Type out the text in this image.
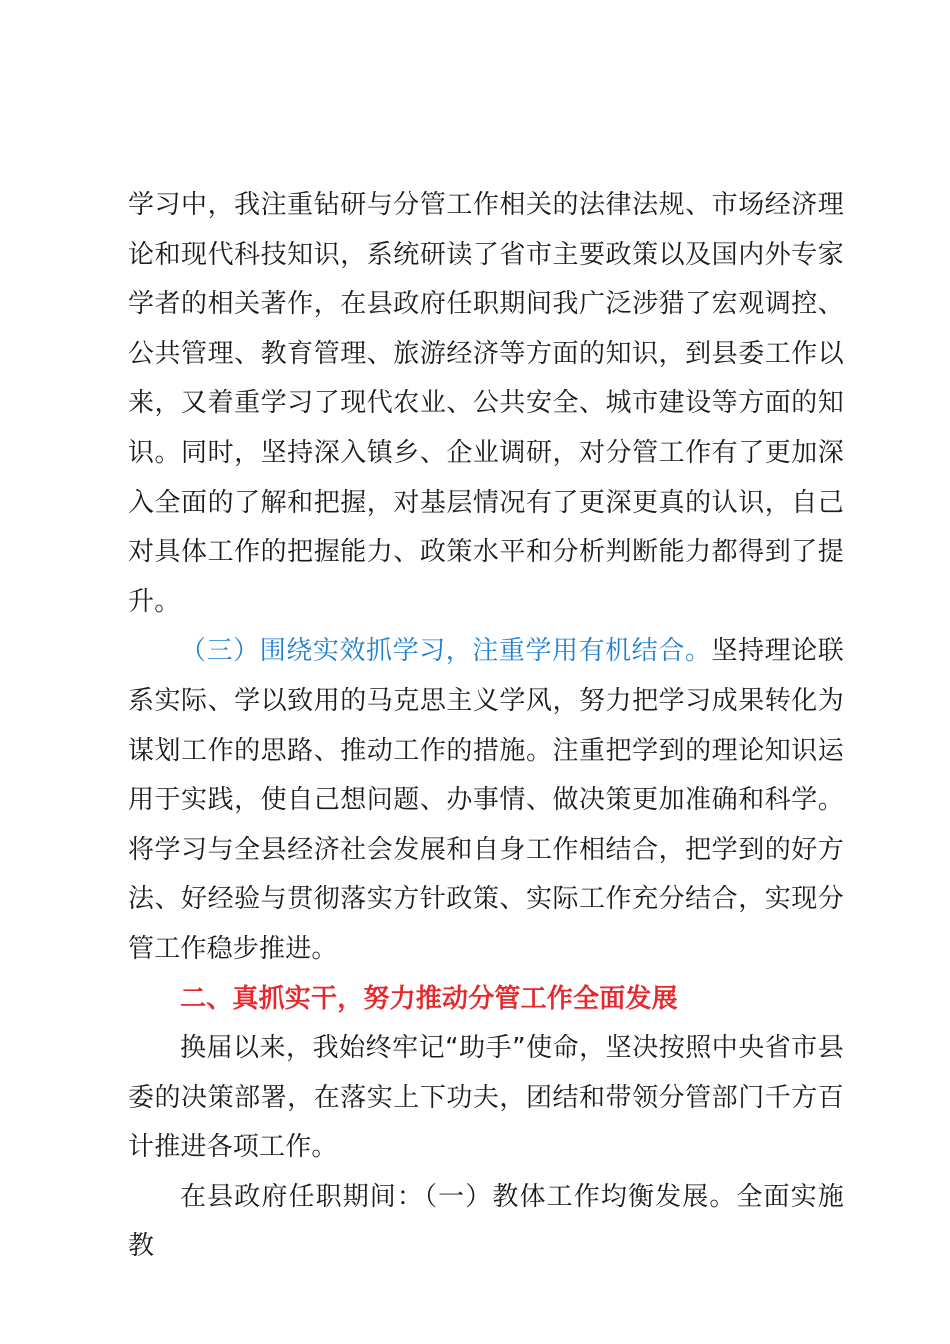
学习中，我注重钻研与分管工作相关的法律法规、市场经济理论和现代科技知识，系统研读了省市主要政策以及国内外专家学者的相关著作，在县政府任职期间我广泛涉猎了宏观调控、公共管理、教育管理、旅游经济等方面的知识，到县委工作以来，又着重学习了现代农业、公共安全、城市建设等方面的知识。同时，坚持深入镇乡、企业调研，对分管工作有了更加深入全面的了解和把握，对基层情况有了更深更真的认识，自己对具体工作的把握能力、政策水平和分析判断能力都得到了提升。

（三）围绕实效抓学习，注重学用有机结合。坚持理论联系实际、学以致用的马克思主义学风，努力把学习成果转化为谋划工作的思路、推动工作的措施。注重把学到的理论知识运用于实践，使自己想问题、办事情、做决策更加准确和科学。将学习与全县经济社会发展和自身工作相结合，把学到的好方法、好经验与贯彻落实方针政策、实际工作充分结合，实现分管工作稳步推进。

二、真抓实干，努力推动分管工作全面发展

换届以来，我始终牢记“助手”使命，坚决按照中央省市县委的决策部署，在落实上下功夫，团结和带领分管部门千方百计推进各项工作。

在县政府任职期间：（一）教体工作均衡发展。全面实施教
